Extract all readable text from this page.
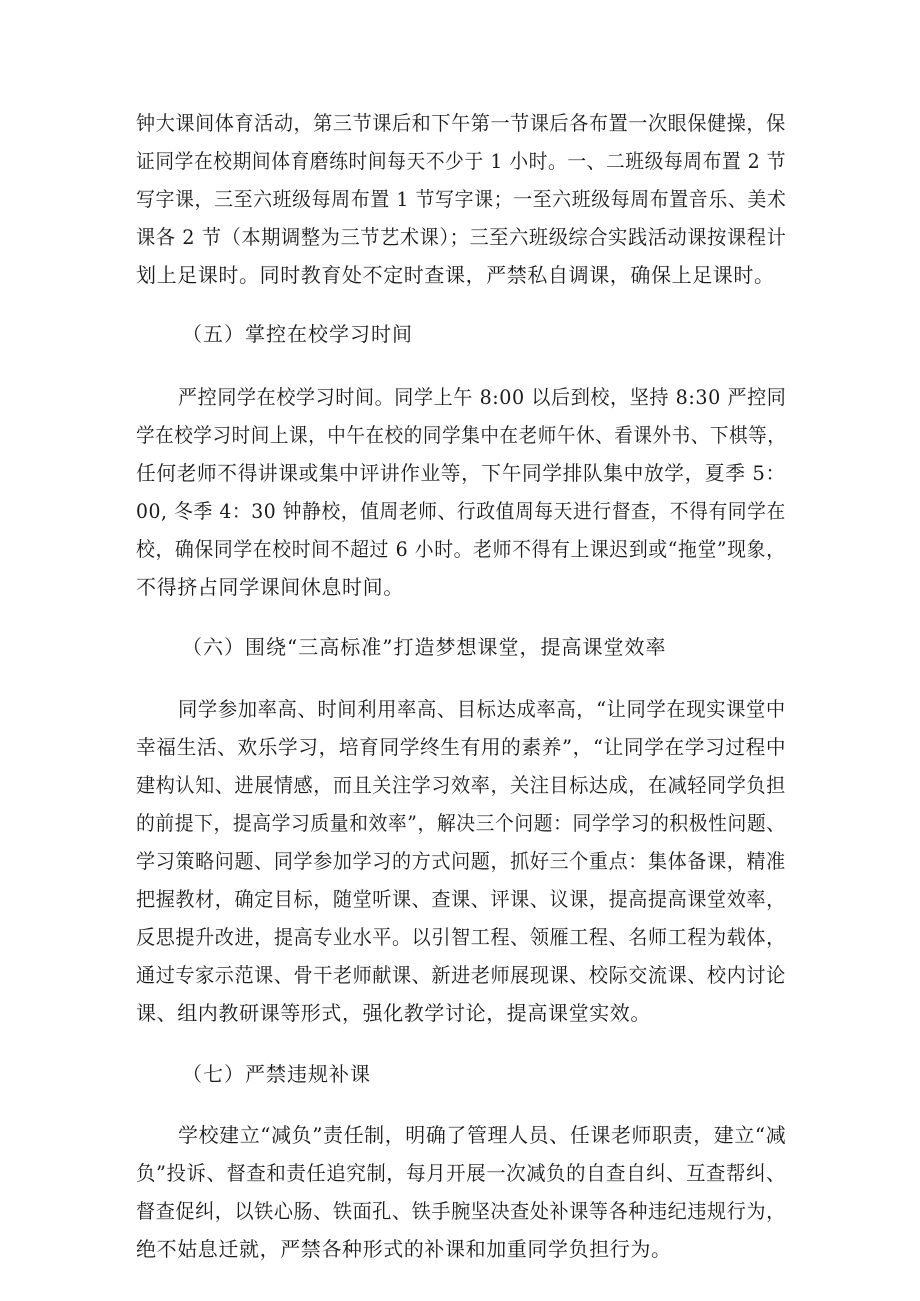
钟大课间体育活动，第三节课后和下午第一节课后各布置一次眼保健操，保
证同学在校期间体育磨练时间每天不少于 1 小时。一、二班级每周布置 2 节
写字课，三至六班级每周布置 1 节写字课；一至六班级每周布置音乐、美术
课各 2 节（本期调整为三节艺术课）；三至六班级综合实践活动课按课程计
划上足课时。同时教育处不定时查课，严禁私自调课，确保上足课时。
（五）掌控在校学习时间
严控同学在校学习时间。同学上午 8:00 以后到校，坚持 8:30 严控同
学在校学习时间上课，中午在校的同学集中在老师午休、看课外书、下棋等，
任何老师不得讲课或集中评讲作业等，下午同学排队集中放学，夏季 5：
00, 冬季 4：30 钟静校，值周老师、行政值周每天进行督查，不得有同学在
校，确保同学在校时间不超过 6 小时。老师不得有上课迟到或“拖堂”现象，
不得挤占同学课间休息时间。
（六）围绕“三高标准”打造梦想课堂，提高课堂效率
同学参加率高、时间利用率高、目标达成率高，“让同学在现实课堂中
幸福生活、欢乐学习，培育同学终生有用的素养”，“让同学在学习过程中
建构认知、进展情感，而且关注学习效率，关注目标达成，在减轻同学负担
的前提下，提高学习质量和效率”，解决三个问题：同学学习的积极性问题、
学习策略问题、同学参加学习的方式问题，抓好三个重点：集体备课，精准
把握教材，确定目标，随堂听课、查课、评课、议课，提高提高课堂效率，
反思提升改进，提高专业水平。以引智工程、领雁工程、名师工程为载体，
通过专家示范课、骨干老师献课、新进老师展现课、校际交流课、校内讨论
课、组内教研课等形式，强化教学讨论，提高课堂实效。
（七）严禁违规补课
学校建立“减负”责任制，明确了管理人员、任课老师职责，建立“减
负”投诉、督查和责任追究制，每月开展一次减负的自查自纠、互查帮纠、
督查促纠，以铁心肠、铁面孔、铁手腕坚决查处补课等各种违纪违规行为，
绝不姑息迁就，严禁各种形式的补课和加重同学负担行为。
